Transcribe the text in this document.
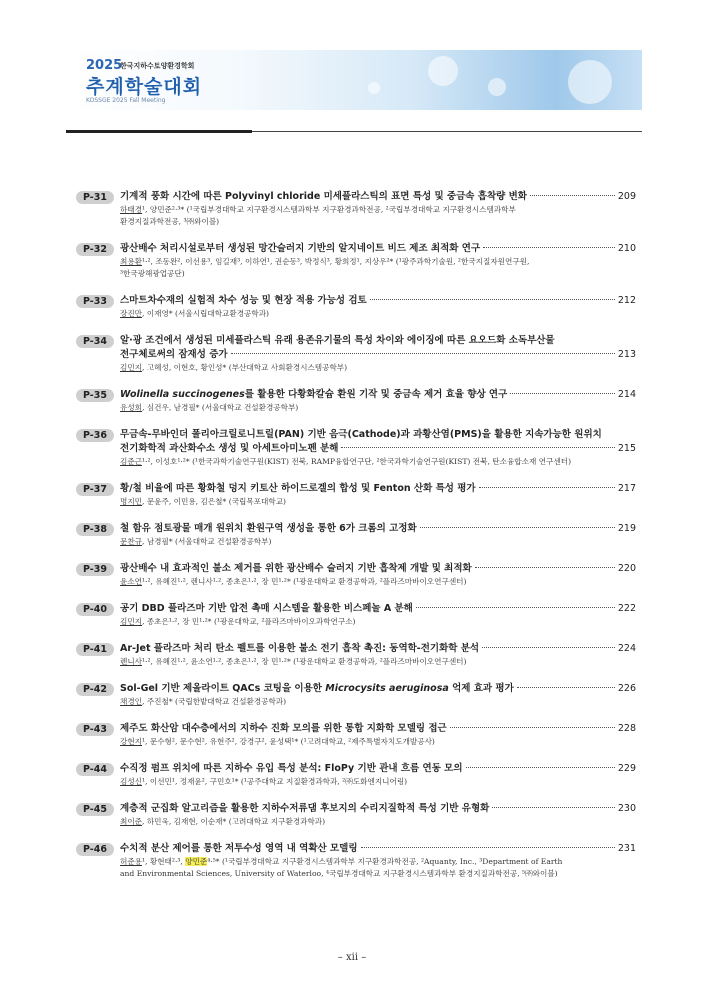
2025
한국지하수토양환경학회
추계학술대회
KOSSGE 2025 Fall Meeting
P-31	기계적 풍화 시간에 따른 Polyvinyl chloride 미세플라스틱의 표면 특성 및 중금속 흡착량 변화	209
하태경¹, 양민준²·³* (¹국립부경대학교 지구환경시스템과학부 지구환경과학전공, ²국립부경대학교 지구환경시스템과학부
환경지질과학전공, ³㈜와이블)
P-32	광산배수 처리시설로부터 생성된 망간슬러지 기반의 알지네이트 비드 제조 최적화 연구	210
최용환¹·², 조동완², 이선용³, 임길재³, 이하연¹, 권순동³, 박정식³, 황희정¹, 지상우²* (¹광주과학기술원, ²한국지질자원연구원,
³한국광해광업공단)
P-33	스마트차수재의 실험적 차수 성능 및 현장 적용 가능성 검토	212
장진만, 이재영* (서울시립대학교환경공학과)
P-34	알·광 조건에서 생성된 미세플라스틱 유래 용존유기물의 특성 차이와 에이징에 따른 요오드화 소독부산물
전구체로써의 잠재성 증가	213
김민지, 고혜성, 이현호, 황인성* (부산대학교 사회환경시스템공학부)
P-35	Wolinella succinogenes를 활용한 다황화칼슘 환원 기작 및 중금속 제거 효율 향상 연구	214
유성희, 심건우, 남경필* (서울대학교 건설환경공학부)
P-36	무금속-무바인더 폴리아크릴로니트릴(PAN) 기반 음극(Cathode)과 과황산염(PMS)을 활용한 지속가능한 원위치
전기화학적 과산화수소 생성 및 아세트아미노펜 분해	215
김준근¹·², 이성호¹·²* (¹한국과학기술연구원(KIST) 전북, RAMP융합연구단, ²한국과학기술연구원(KIST) 전북, 탄소융합소재 연구센터)
P-37	황/철 비율에 따른 황화철 덩지 키토산 하이드로겔의 합성 및 Fenton 산화 특성 평가	217
명지민, 문윤주, 이민용, 김은철* (국립목포대학교)
P-38	철 함유 점토광물 매개 원위치 환원구역 생성을 통한 6가 크롬의 고정화	219
문찬규, 남경필* (서울대학교 건설환경공학부)
P-39	광산배수 내 효과적인 불소 제거를 위한 광산배수 슬러지 기반 흡착제 개발 및 최적화	220
윤소연¹·², 유혜진¹·², 렌니사¹·², 종초은¹·², 장 민¹·²* (¹광운대학교 환경공학과, ²플라즈마바이오연구센터)
P-40	공기 DBD 플라즈마 기반 압전 촉매 시스템을 활용한 비스페놀 A 분해	222
김민지, 종초은¹·², 장 민¹·²* (¹광운대학교, ²플라즈마바이오과학연구소)
P-41	Ar-Jet 플라즈마 처리 탄소 펠트를 이용한 불소 전기 흡착 촉진: 동역학-전기화학 분석	224
렌니사¹·², 유혜진¹·², 윤소연¹·², 종초은¹·², 장 민¹·²* (¹광운대학교 환경공학과, ²플라즈마바이오연구센터)
P-42	Sol-Gel 기반 제올라이트 QACs 코팅을 이용한 Microcysits aeruginosa 억제 효과 평가	226
채경인, 주진철* (국립한밭대학교 건설환경공학과)
P-43	제주도 화산암 대수층에서의 지하수 진화 모의를 위한 통합 지화학 모델링 접근	228
강현지¹, 문수형², 문수현², 유현주², 강경구², 윤성택¹* (¹고려대학교, ²제주특별자치도개발공사)
P-44	수직정 펌프 위치에 따른 지하수 유입 특성 분석: FloPy 기반 관내 흐름 연동 모의	229
김성신¹, 이선민¹, 정재윤², 구민호¹* (¹공주대학교 지질환경과학과, ²㈜도화엔지니어링)
P-45	계층적 군집화 알고리즘을 활용한 지하수저류댐 후보지의 수리지질학적 특성 기반 유형화	230
최이준, 하민욱, 김재현, 이순재* (고려대학교 지구환경과학과)
P-46	수치적 분산 제어를 통한 저투수성 영역 내 역확산 모델링	231
허준용¹, 황현태²·³, 양민준⁴·⁵* (¹국립부경대학교 지구환경시스템과학부 지구환경과학전공, ²Aquanty, Inc., ³Department of Earth
and Environmental Sciences, University of Waterloo, ⁴국립부경대학교 지구환경시스템과학부 환경지질과학전공, ⁵㈜와이블)
– xii –
